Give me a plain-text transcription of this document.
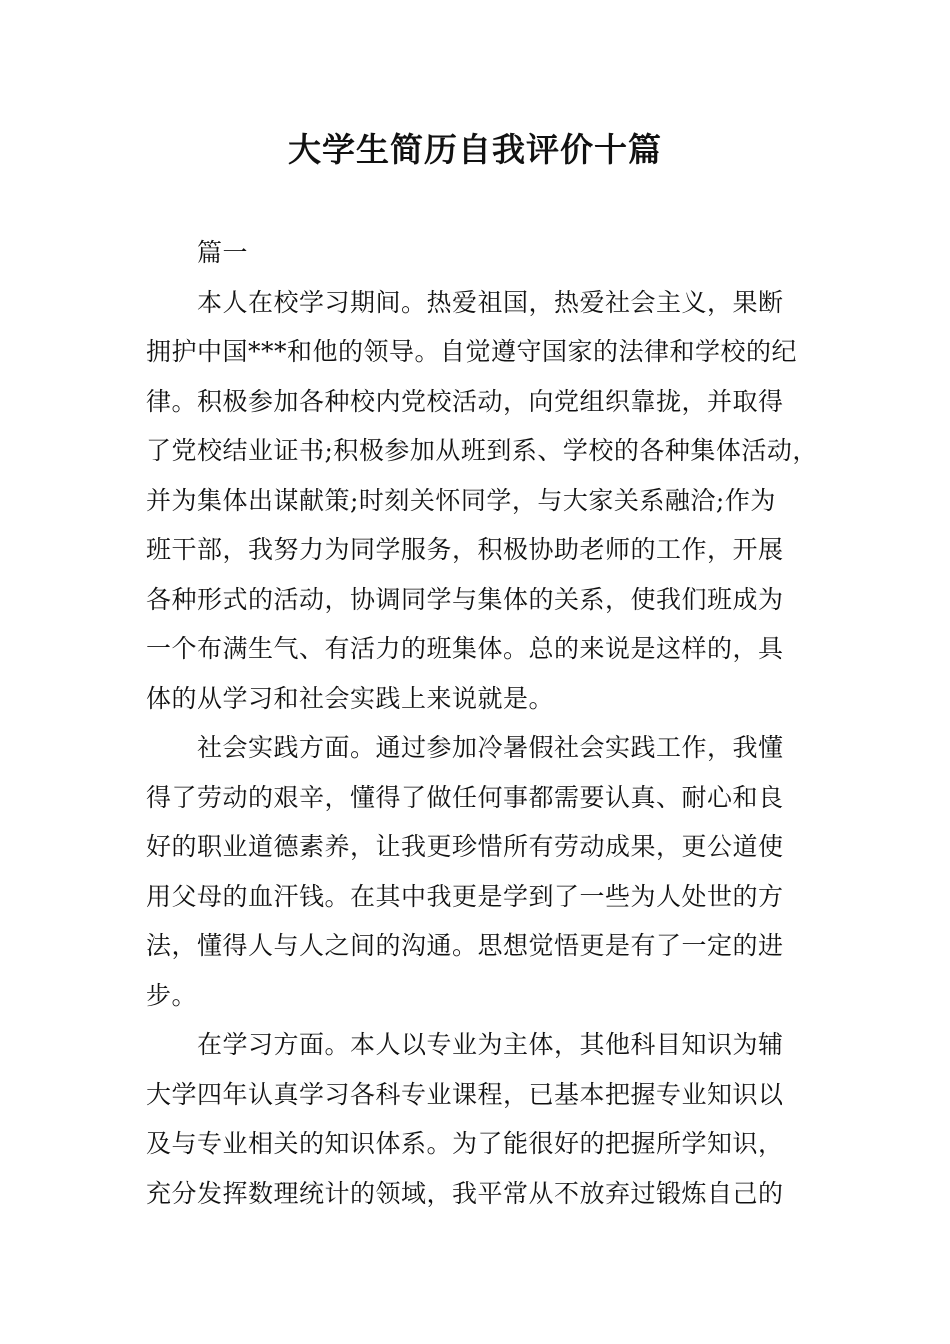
大学生简历自我评价十篇
篇一
本人在校学习期间。热爱祖国，热爱社会主义，果断
拥护中国***和他的领导。自觉遵守国家的法律和学校的纪
律。积极参加各种校内党校活动，向党组织靠拢，并取得
了党校结业证书;积极参加从班到系、学校的各种集体活动，
并为集体出谋献策;时刻关怀同学，与大家关系融洽;作为
班干部，我努力为同学服务，积极协助老师的工作，开展
各种形式的活动，协调同学与集体的关系，使我们班成为
一个布满生气、有活力的班集体。总的来说是这样的，具
体的从学习和社会实践上来说就是。
社会实践方面。通过参加冷暑假社会实践工作，我懂
得了劳动的艰辛，懂得了做任何事都需要认真、耐心和良
好的职业道德素养，让我更珍惜所有劳动成果，更公道使
用父母的血汗钱。在其中我更是学到了一些为人处世的方
法，懂得人与人之间的沟通。思想觉悟更是有了一定的进
步。
在学习方面。本人以专业为主体，其他科目知识为辅
大学四年认真学习各科专业课程，已基本把握专业知识以
及与专业相关的知识体系。为了能很好的把握所学知识，
充分发挥数理统计的领域，我平常从不放弃过锻炼自己的
